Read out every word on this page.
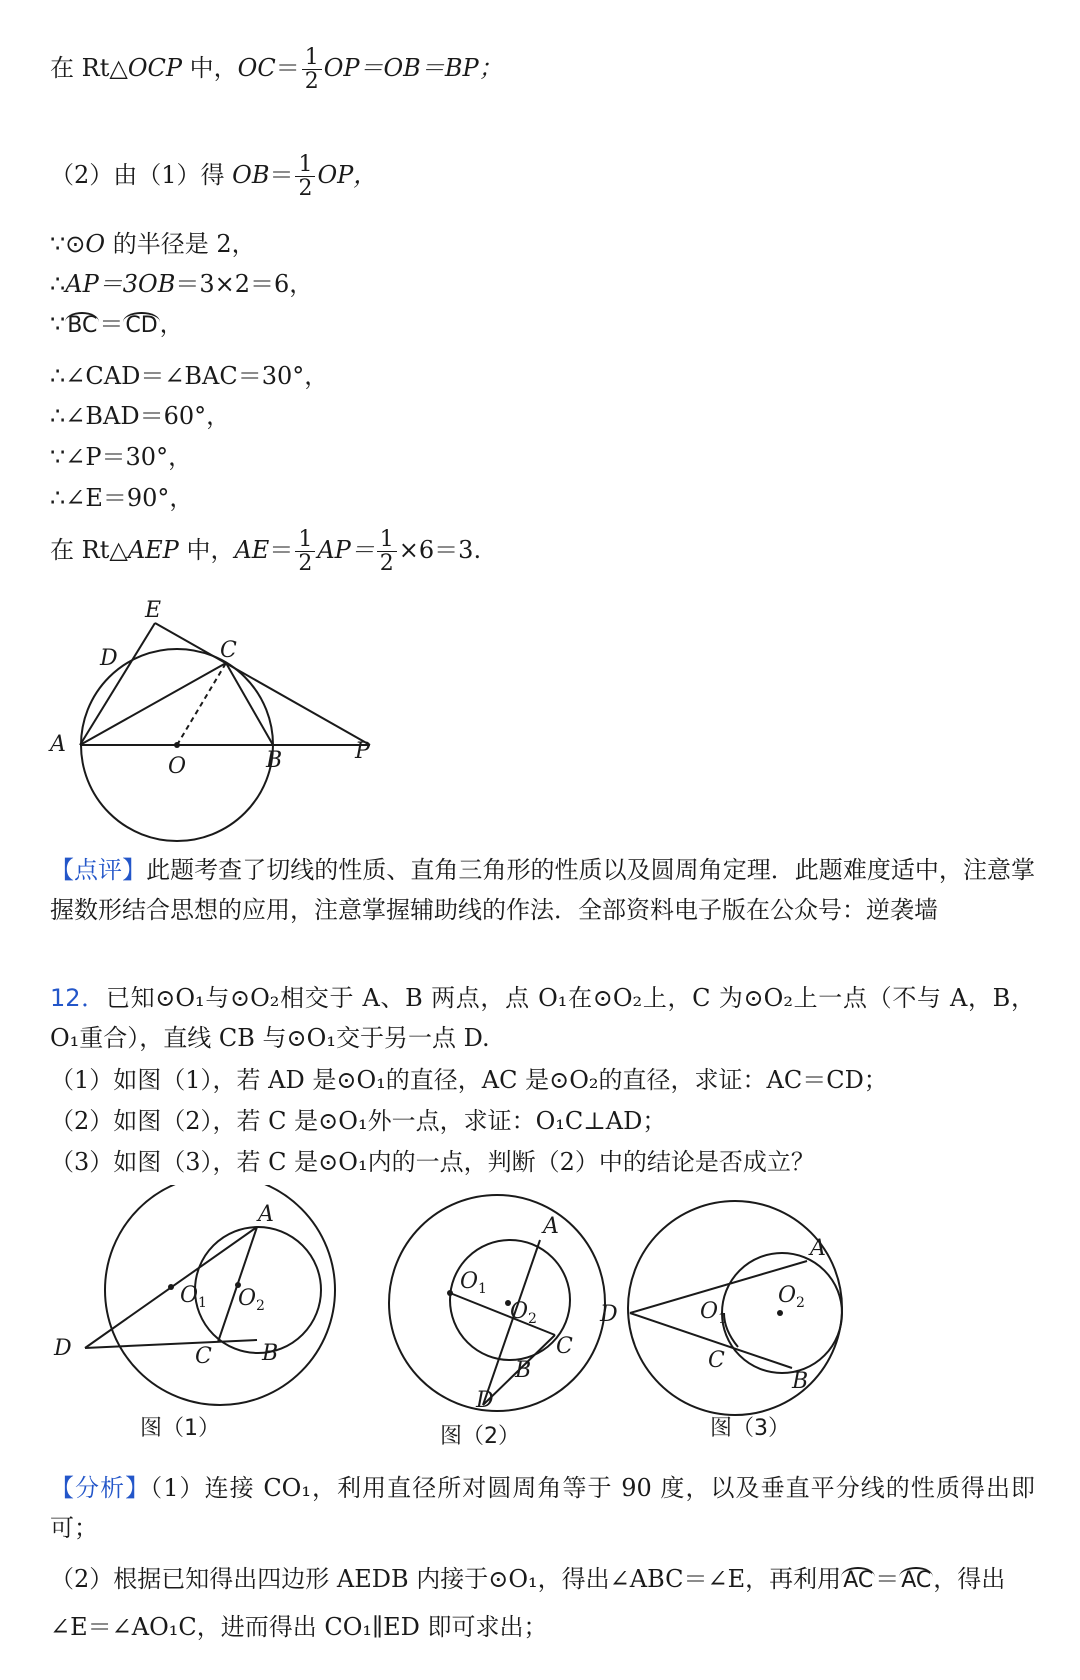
在 Rt△OCP 中，$OC= \frac{1}{2} OP=OB=BP$；
（2）由（1）得 $OB= \frac{1}{2}$ OP，
∵⊙O 的半径是 2，
∴AP＝3OB＝3×2＝6，
∵BC＝CD，
∴∠CAD＝∠BAC＝30°，
∴∠BAD＝60°，
∵∠P＝30°，
∴∠E＝90°，
在 Rt△AEP 中，$AE= \frac{1}{2} AP= \frac{1}{2} \times 6=3$.
E
D	C
A
O	B	P
【点评】此题考查了切线的性质、直角三角形的性质以及圆周角定理．此题难度适中，注意掌握数形结合思想的应用，注意掌握辅助线的作法．全部资料电子版在公众号：逆袭墙
12．已知⊙O₁与⊙O₂相交于 A、B 两点，点 O₁在⊙O₂上，C 为⊙O₂上一点（不与 A，B，O₁重合），直线 CB 与⊙O₁交于另一点 D.
（1）如图（1），若 AD 是⊙O₁的直径，AC 是⊙O₂的直径，求证：AC＝CD；
（2）如图（2），若 C 是⊙O₁外一点，求证：O₁C⊥AD；
（3）如图（3），若 C 是⊙O₁内的一点，判断（2）中的结论是否成立？
A
$O_1$ $O_2$
D	C B
图（1）
A
$O_1$
$O_2$
C
B
D
图（2）
A
$O_1$
$O_2$
D
C
B
图（3）
【分析】（1）连接 CO₁，利用直径所对圆周角等于 90 度，以及垂直平分线的性质得出即可；
（2）根据已知得出四边形 AEDB 内接于⊙O₁，得出∠ABC＝∠E，再利用AC＝AC，得出
∠E＝∠AO₁C，进而得出 CO₁∥ED 即可求出；
